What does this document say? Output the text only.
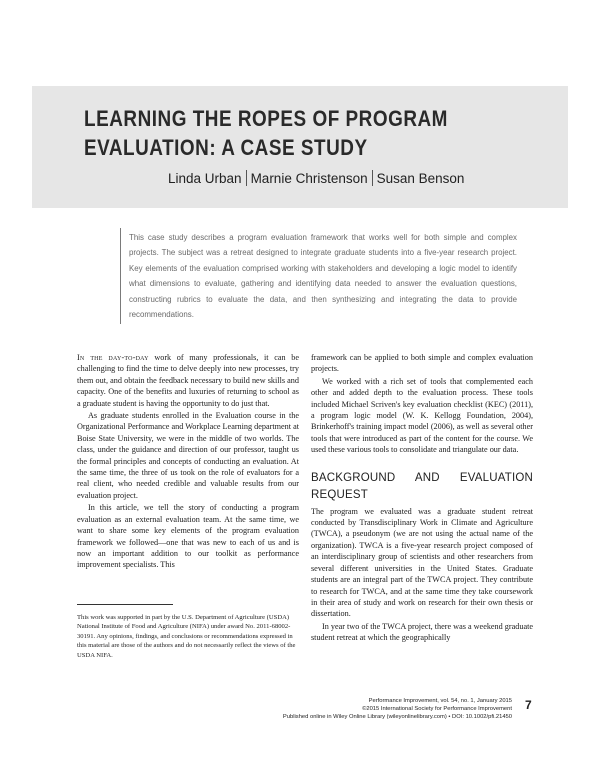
LEARNING THE ROPES OF PROGRAM EVALUATION: A CASE STUDY
Linda Urban Marnie Christenson Susan Benson

This case study describes a program evaluation framework that works well for both simple and complex projects. The subject was a retreat designed to integrate graduate students into a five-year research project. Key elements of the evaluation comprised working with stakeholders and developing a logic model to identify what dimensions to evaluate, gathering and identifying data needed to answer the evaluation questions, constructing rubrics to evaluate the data, and then synthesizing and integrating the data to provide recommendations.

In the day-to-day work of many professionals, it can be challenging to find the time to delve deeply into new processes, try them out, and obtain the feedback necessary to build new skills and capacity. One of the benefits and luxuries of returning to school as a graduate student is having the opportunity to do just that.

As graduate students enrolled in the Evaluation course in the Organizational Performance and Workplace Learning department at Boise State University, we were in the middle of two worlds. The class, under the guidance and direction of our professor, taught us the formal principles and concepts of conducting an evaluation. At the same time, the three of us took on the role of evaluators for a real client, who needed credible and valuable results from our evaluation project.

In this article, we tell the story of conducting a program evaluation as an external evaluation team. At the same time, we want to share some key elements of the program evaluation framework we followed—one that was new to each of us and is now an important addition to our toolkit as performance improvement specialists. This

framework can be applied to both simple and complex evaluation projects.

We worked with a rich set of tools that complemented each other and added depth to the evaluation process. These tools included Michael Scriven's key evaluation checklist (KEC) (2011), a program logic model (W. K. Kellogg Foundation, 2004), Brinkerhoff's training impact model (2006), as well as several other tools that were introduced as part of the content for the course. We used these various tools to consolidate and triangulate our data.

BACKGROUND AND EVALUATION REQUEST

The program we evaluated was a graduate student retreat conducted by Transdisciplinary Work in Climate and Agriculture (TWCA), a pseudonym (we are not using the actual name of the organization). TWCA is a five-year research project composed of an interdisciplinary group of scientists and other researchers from several different universities in the United States. Graduate students are an integral part of the TWCA project. They contribute to research for TWCA, and at the same time they take coursework in their area of study and work on research for their own thesis or dissertation.

In year two of the TWCA project, there was a weekend graduate student retreat at which the geographically

This work was supported in part by the U.S. Department of Agriculture (USDA) National Institute of Food and Agriculture (NIFA) under award No. 2011-68002-30191. Any opinions, findings, and conclusions or recommendations expressed in this material are those of the authors and do not necessarily reflect the views of the USDA NIFA.

Performance Improvement, vol. 54, no. 1, January 2015
©2015 International Society for Performance Improvement
Published online in Wiley Online Library (wileyonlinelibrary.com) • DOI: 10.1002/pfi.21450
7
